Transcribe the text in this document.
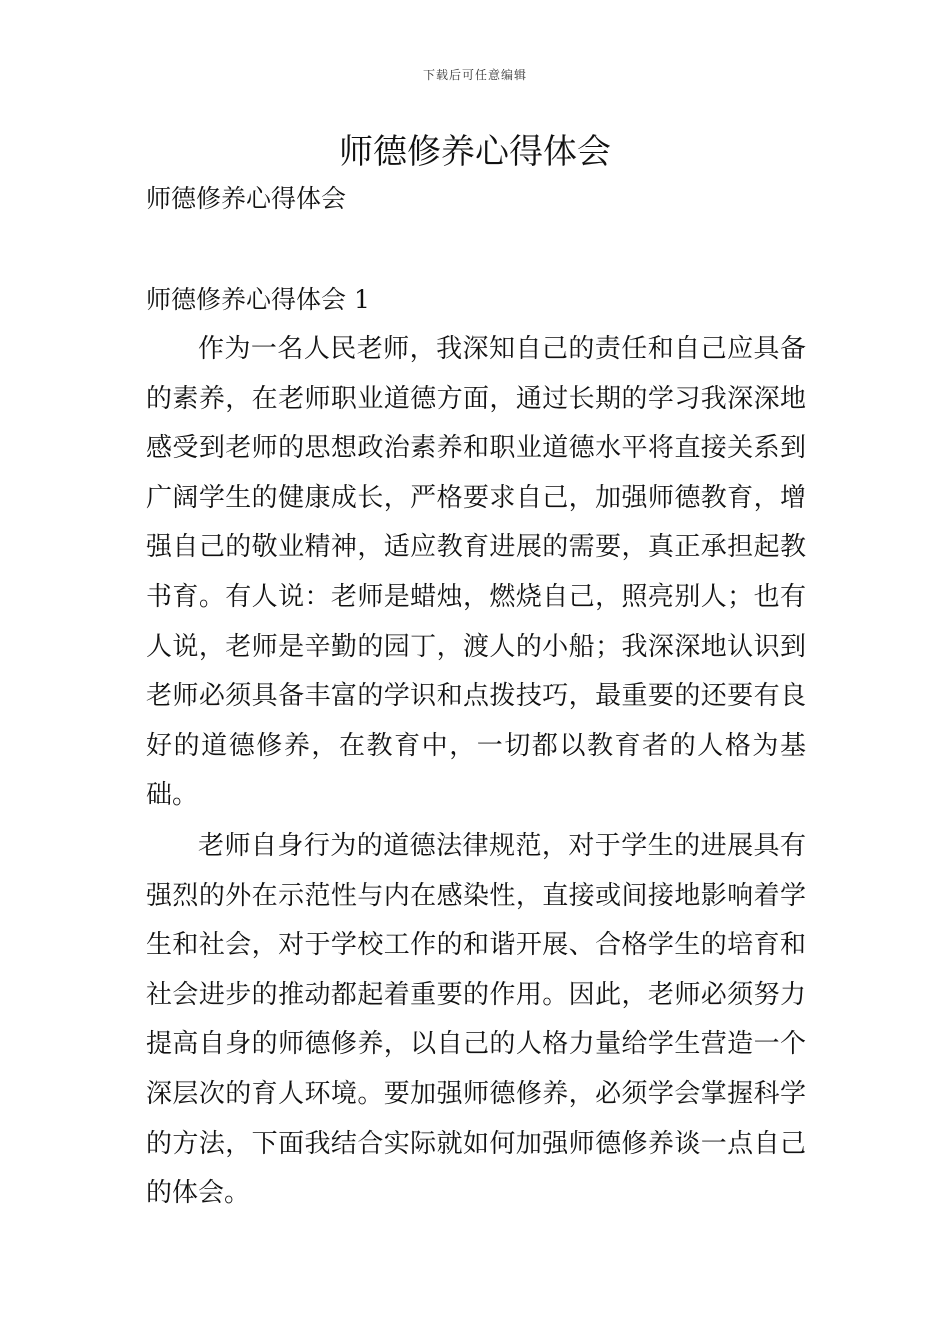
下载后可任意编辑
师德修养心得体会

师德修养心得体会

师德修养心得体会 1

作为一名人民老师，我深知自己的责任和自己应具备的素养，在老师职业道德方面，通过长期的学习我深深地感受到老师的思想政治素养和职业道德水平将直接关系到广阔学生的健康成长，严格要求自己，加强师德教育，增强自己的敬业精神，适应教育进展的需要，真正承担起教书育。有人说：老师是蜡烛，燃烧自己，照亮别人；也有人说，老师是辛勤的园丁，渡人的小船；我深深地认识到老师必须具备丰富的学识和点拨技巧，最重要的还要有良好的道德修养，在教育中，一切都以教育者的人格为基础。

老师自身行为的道德法律规范，对于学生的进展具有强烈的外在示范性与内在感染性，直接或间接地影响着学生和社会，对于学校工作的和谐开展、合格学生的培育和社会进步的推动都起着重要的作用。因此，老师必须努力提高自身的师德修养，以自己的人格力量给学生营造一个深层次的育人环境。要加强师德修养，必须学会掌握科学的方法，下面我结合实际就如何加强师德修养谈一点自己的体会。
